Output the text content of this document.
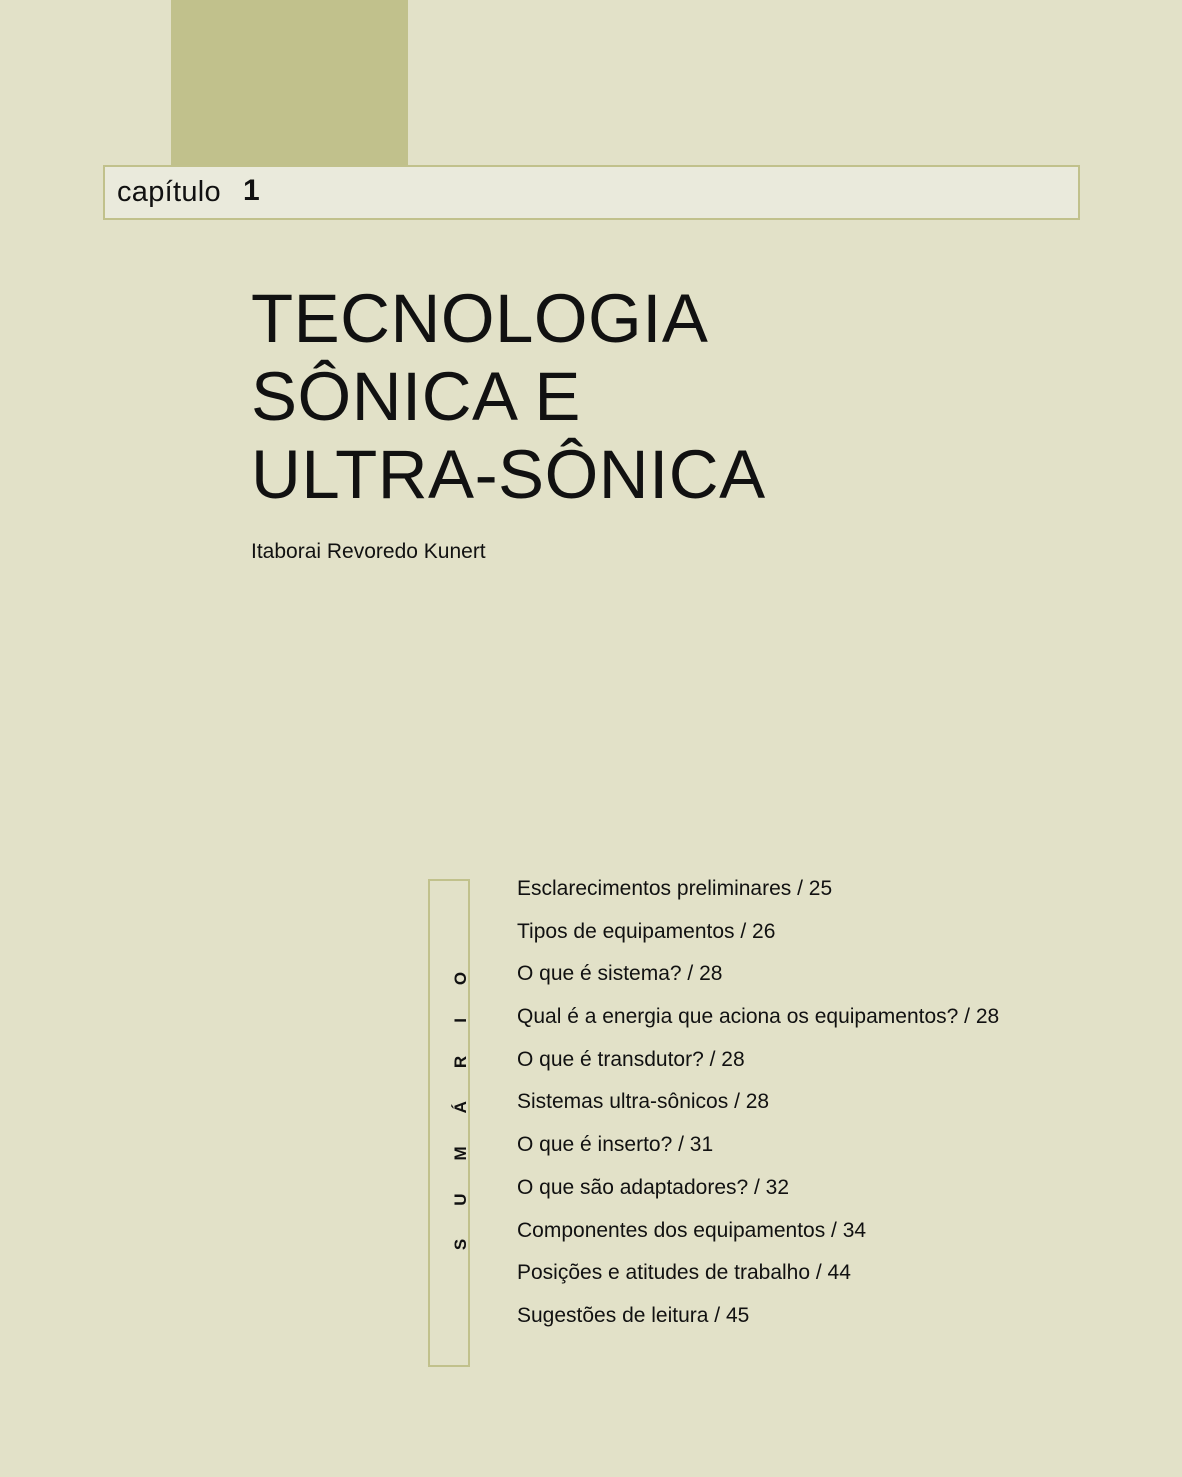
capítulo 1
TECNOLOGIA
SÔNICA E
ULTRA-SÔNICA
Itaborai Revoredo Kunert
SUMÁRIO
Esclarecimentos preliminares / 25
Tipos de equipamentos / 26
O que é sistema? / 28
Qual é a energia que aciona os equipamentos? / 28
O que é transdutor? / 28
Sistemas ultra-sônicos / 28
O que é inserto? / 31
O que são adaptadores? / 32
Componentes dos equipamentos / 34
Posições e atitudes de trabalho / 44
Sugestões de leitura / 45
